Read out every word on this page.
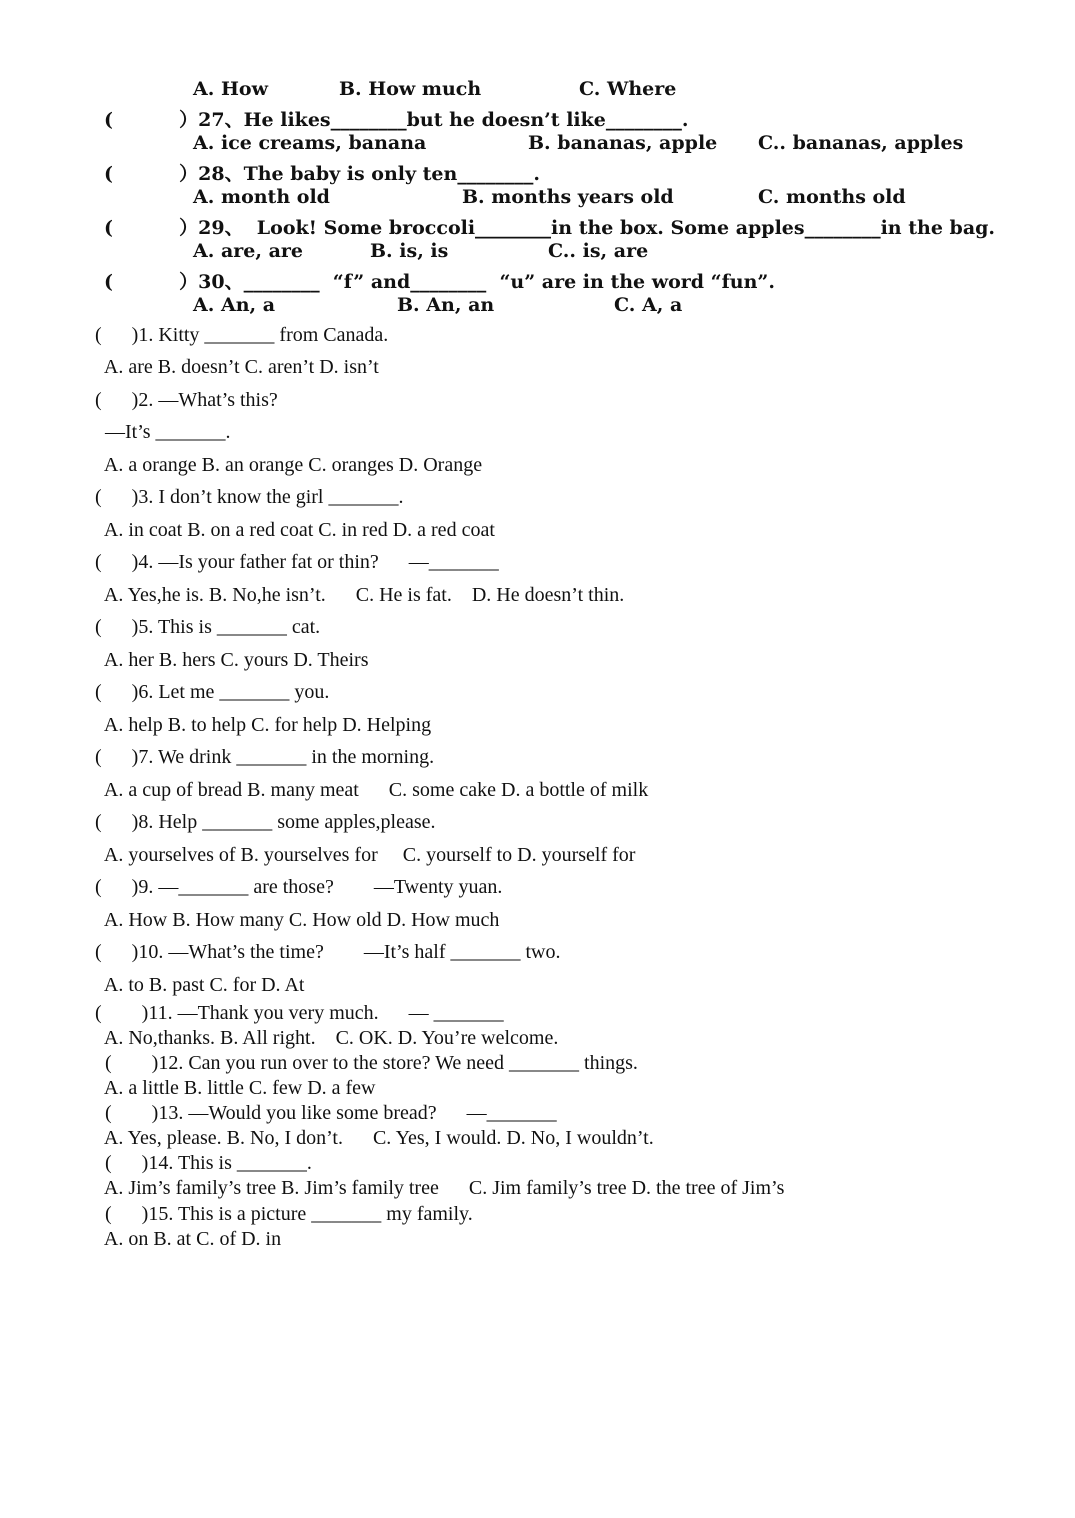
A. How	B. How much	C. Where
(          ）27、He likes________but he doesn’t like________.
A. ice creams, banana	B. bananas, apple C.. bananas, apples
(          ）28、The baby is only ten________.
A. month old	B. months years old	C. months old
(          ）29、  Look! Some broccoli________in the box. Some apples________in the bag.
A. are, are	B. is, is	C.. is, are
(          ）30、________  “f” and________  “u” are in the word “fun”.
A. An, a	B. An, an	C. A, a
(      )1. Kitty _______ from Canada.
A. are B. doesn’t C. aren’t D. isn’t
(      )2. —What’s this?
—It’s _______.
A. a orange B. an orange C. oranges D. Orange
(      )3. I don’t know the girl _______.
A. in coat B. on a red coat C. in red D. a red coat
(      )4. —Is your father fat or thin?      —_______
A. Yes,he is. B. No,he isn’t.      C. He is fat.    D. He doesn’t thin.
(      )5. This is _______ cat.
A. her B. hers C. yours D. Theirs
(      )6. Let me _______ you.
A. help B. to help C. for help D. Helping
(      )7. We drink _______ in the morning.
A. a cup of bread B. many meat      C. some cake D. a bottle of milk
(      )8. Help _______ some apples,please.
A. yourselves of B. yourselves for     C. yourself to D. yourself for
(      )9. —_______ are those?        —Twenty yuan.
A. How B. How many C. How old D. How much
(      )10. —What’s the time?        —It’s half _______ two.
A. to B. past C. for D. At
(        )11. —Thank you very much.      — _______
A. No,thanks. B. All right.    C. OK. D. You’re welcome.
(        )12. Can you run over to the store? We need _______ things.
A. a little B. little C. few D. a few
(        )13. —Would you like some bread?      —_______
A. Yes, please. B. No, I don’t.      C. Yes, I would. D. No, I wouldn’t.
(      )14. This is _______.
A. Jim’s family’s tree B. Jim’s family tree      C. Jim family’s tree D. the tree of Jim’s
(      )15. This is a picture _______ my family.
A. on B. at C. of D. in
